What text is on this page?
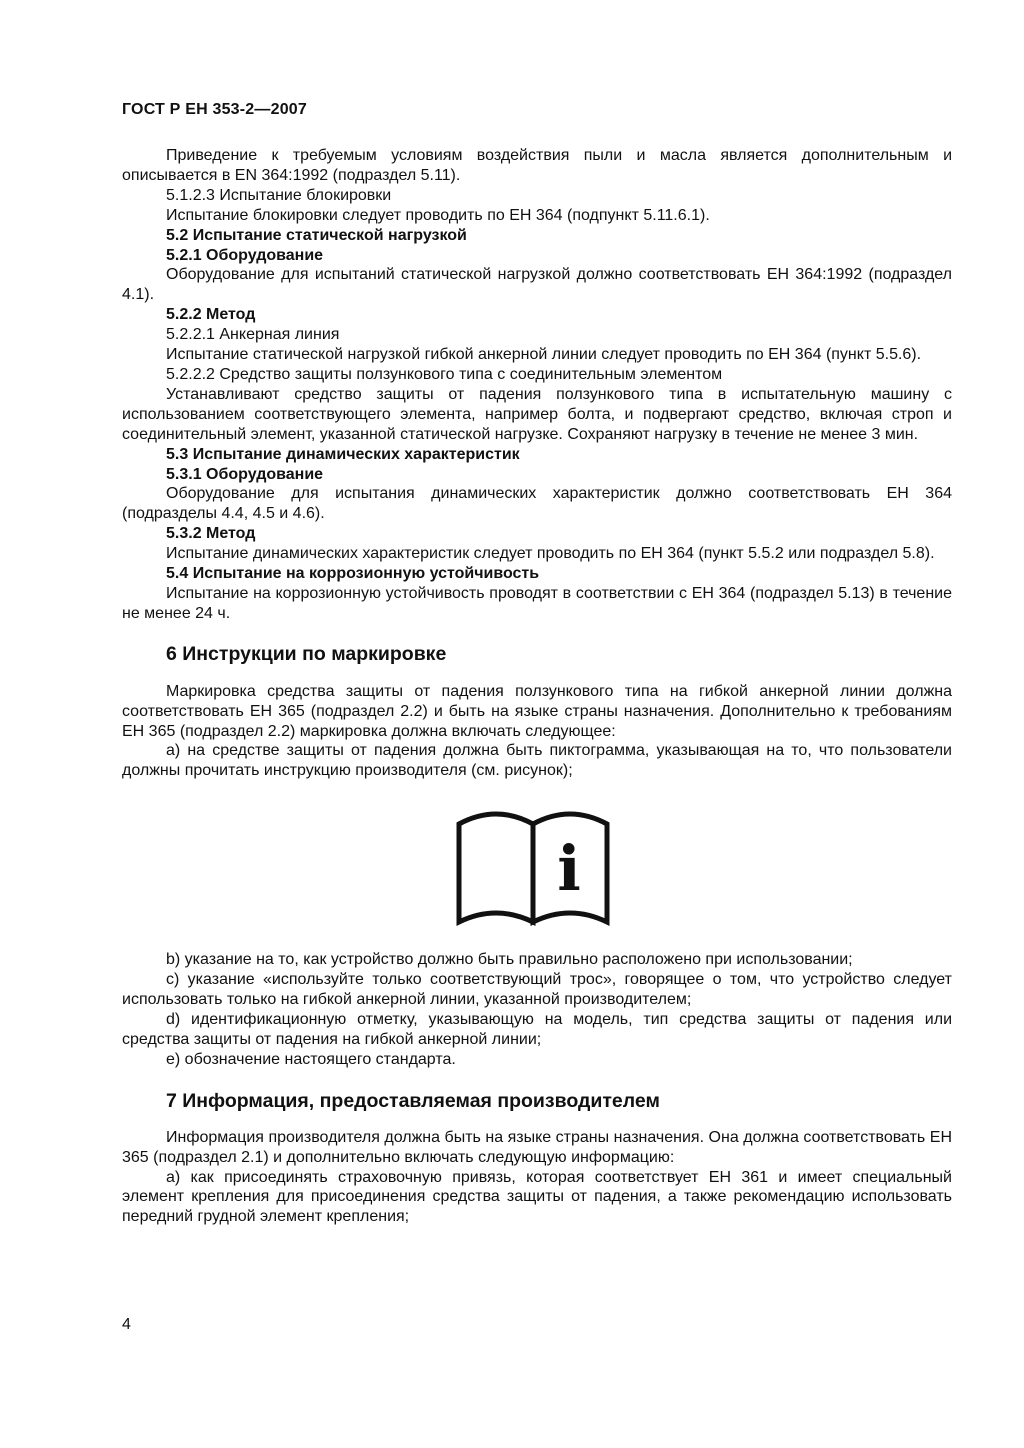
ГОСТ Р ЕН 353-2—2007

Приведение к требуемым условиям воздействия пыли и масла является дополнительным и описывается в EN 364:1992 (подраздел 5.11).

5.1.2.3 Испытание блокировки

Испытание блокировки следует проводить по ЕН 364 (подпункт 5.11.6.1).

5.2 Испытание статической нагрузкой

5.2.1 Оборудование

Оборудование для испытаний статической нагрузкой должно соответствовать ЕН 364:1992 (подраздел 4.1).

5.2.2 Метод

5.2.2.1 Анкерная линия

Испытание статической нагрузкой гибкой анкерной линии следует проводить по ЕН 364 (пункт 5.5.6).

5.2.2.2 Средство защиты ползункового типа с соединительным элементом

Устанавливают средство защиты от падения ползункового типа в испытательную машину с использованием соответствующего элемента, например болта, и подвергают средство, включая строп и соединительный элемент, указанной статической нагрузке. Сохраняют нагрузку в течение не менее 3 мин.

5.3 Испытание динамических характеристик

5.3.1 Оборудование

Оборудование для испытания динамических характеристик должно соответствовать ЕН 364 (подразделы 4.4, 4.5 и 4.6).

5.3.2 Метод

Испытание динамических характеристик следует проводить по ЕН 364 (пункт 5.5.2 или подраздел 5.8).

5.4 Испытание на коррозионную устойчивость

Испытание на коррозионную устойчивость проводят в соответствии с ЕН 364 (подраздел 5.13) в течение не менее 24 ч.

6 Инструкции по маркировке

Маркировка средства защиты от падения ползункового типа на гибкой анкерной линии должна соответствовать ЕН 365 (подраздел 2.2) и быть на языке страны назначения. Дополнительно к требованиям ЕН 365 (подраздел 2.2) маркировка должна включать следующее:

a) на средстве защиты от падения должна быть пиктограмма, указывающая на то, что пользователи должны прочитать инструкцию производителя (см. рисунок);

i

b) указание на то, как устройство должно быть правильно расположено при использовании;

c) указание «используйте только соответствующий трос», говорящее о том, что устройство следует использовать только на гибкой анкерной линии, указанной производителем;

d) идентификационную отметку, указывающую на модель, тип средства защиты от падения или средства защиты от падения на гибкой анкерной линии;

e) обозначение настоящего стандарта.

7 Информация, предоставляемая производителем

Информация производителя должна быть на языке страны назначения. Она должна соответствовать ЕН 365 (подраздел 2.1) и дополнительно включать следующую информацию:

a) как присоединять страховочную привязь, которая соответствует ЕН 361 и имеет специальный элемент крепления для присоединения средства защиты от падения, а также рекомендацию использовать передний грудной элемент крепления;

4
